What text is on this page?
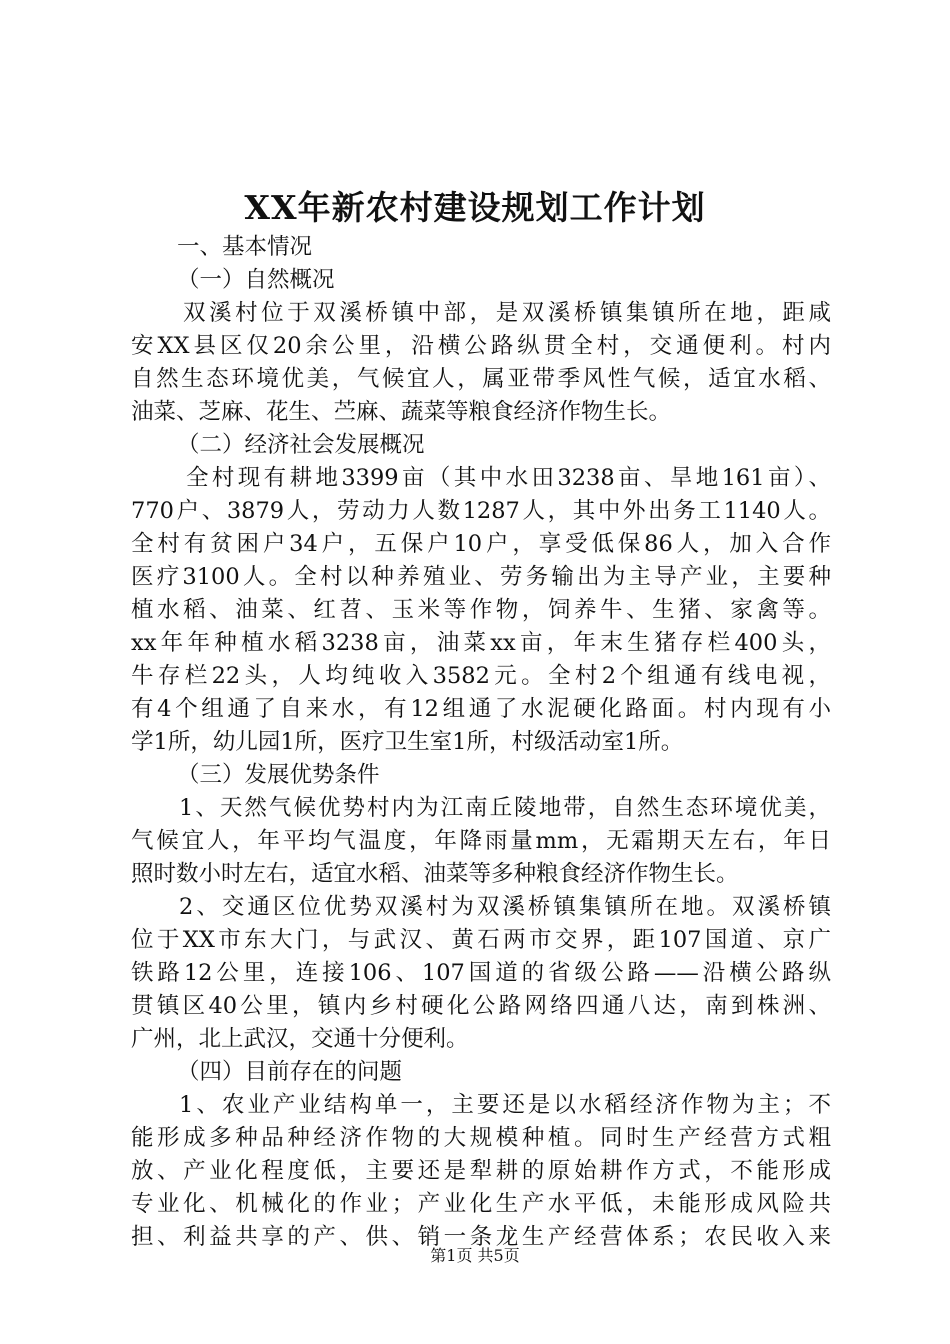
XX年新农村建设规划工作计划

一、基本情况

（一）自然概况

双溪村位于双溪桥镇中部，是双溪桥镇集镇所在地，距咸

安XX县区仅20余公里，沿横公路纵贯全村，交通便利。村内

自然生态环境优美，气候宜人，属亚带季风性气候，适宜水稻、

油菜、芝麻、花生、苎麻、蔬菜等粮食经济作物生长。

（二）经济社会发展概况

全村现有耕地3399亩（其中水田3238亩、旱地161亩）、

770户、3879人，劳动力人数1287人，其中外出务工1140人。

全村有贫困户34户，五保户10户，享受低保86人，加入合作

医疗3100人。全村以种养殖业、劳务输出为主导产业，主要种

植水稻、油菜、红苕、玉米等作物，饲养牛、生猪、家禽等。

xx年年种植水稻3238亩，油菜xx亩，年末生猪存栏400头，

牛存栏22头，人均纯收入3582元。全村2个组通有线电视，

有4个组通了自来水，有12组通了水泥硬化路面。村内现有小

学1所，幼儿园1所，医疗卫生室1所，村级活动室1所。

（三）发展优势条件

1、天然气候优势村内为江南丘陵地带，自然生态环境优美，

气候宜人，年平均气温度，年降雨量mm，无霜期天左右，年日

照时数小时左右，适宜水稻、油菜等多种粮食经济作物生长。

2、交通区位优势双溪村为双溪桥镇集镇所在地。双溪桥镇

位于XX市东大门，与武汉、黄石两市交界，距107国道、京广

铁路12公里，连接106、107国道的省级公路——沿横公路纵

贯镇区40公里，镇内乡村硬化公路网络四通八达，南到株洲、

广州，北上武汉，交通十分便利。

（四）目前存在的问题

1、农业产业结构单一，主要还是以水稻经济作物为主；不

能形成多种品种经济作物的大规模种植。同时生产经营方式粗

放、产业化程度低，主要还是犁耕的原始耕作方式，不能形成

专业化、机械化的作业；产业化生产水平低，未能形成风险共

担、利益共享的产、供、销一条龙生产经营体系；农民收入来

第1页 共5页
